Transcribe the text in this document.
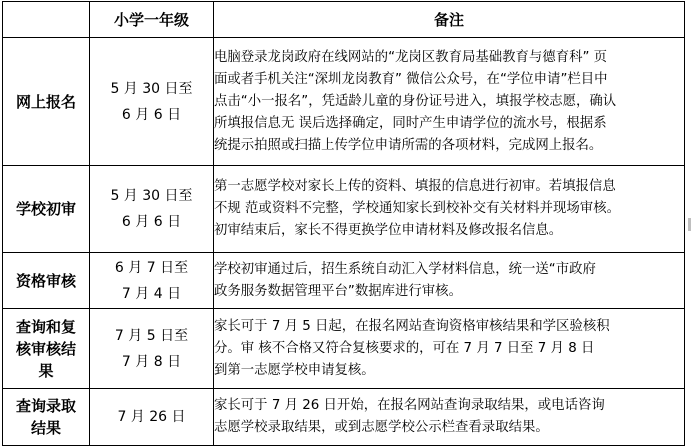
	小学一年级	备注

网上报名	5 月 30 日至
6 月 6 日	电脑登录龙岗政府在线网站的“龙岗区教育局基础教育与德育科” 页
面或者手机关注“深圳龙岗教育” 微信公众号，在“学位申请”栏目中
点击“小一报名”，凭适龄儿童的身份证号进入，填报学校志愿，确认
所填报信息无 误后选择确定，同时产生申请学位的流水号，根据系
统提示拍照或扫描上传学位申请所需的各项材料，完成网上报名。

学校初审	5 月 30 日至
6 月 6 日	第一志愿学校对家长上传的资料、填报的信息进行初审。若填报信息
不规 范或资料不完整，学校通知家长到校补交有关材料并现场审核。
初审结束后，家长不得更换学位申请材料及修改报名信息。

资格审核	6 月 7 日至
7 月 4 日	学校初审通过后，招生系统自动汇入学材料信息，统一送“市政府
政务服务数据管理平台”数据库进行审核。

查询和复
核审核结
果	7 月 5 日至
7 月 8 日	家长可于 7 月 5 日起，在报名网站查询资格审核结果和学区验核积
分。审 核不合格又符合复核要求的，可在 7 月 7 日至 7 月 8 日
到第一志愿学校申请复核。

查询录取
结果	7 月 26 日	家长可于 7 月 26 日开始，在报名网站查询录取结果，或电话咨询
志愿学校录取结果，或到志愿学校公示栏查看录取结果。
